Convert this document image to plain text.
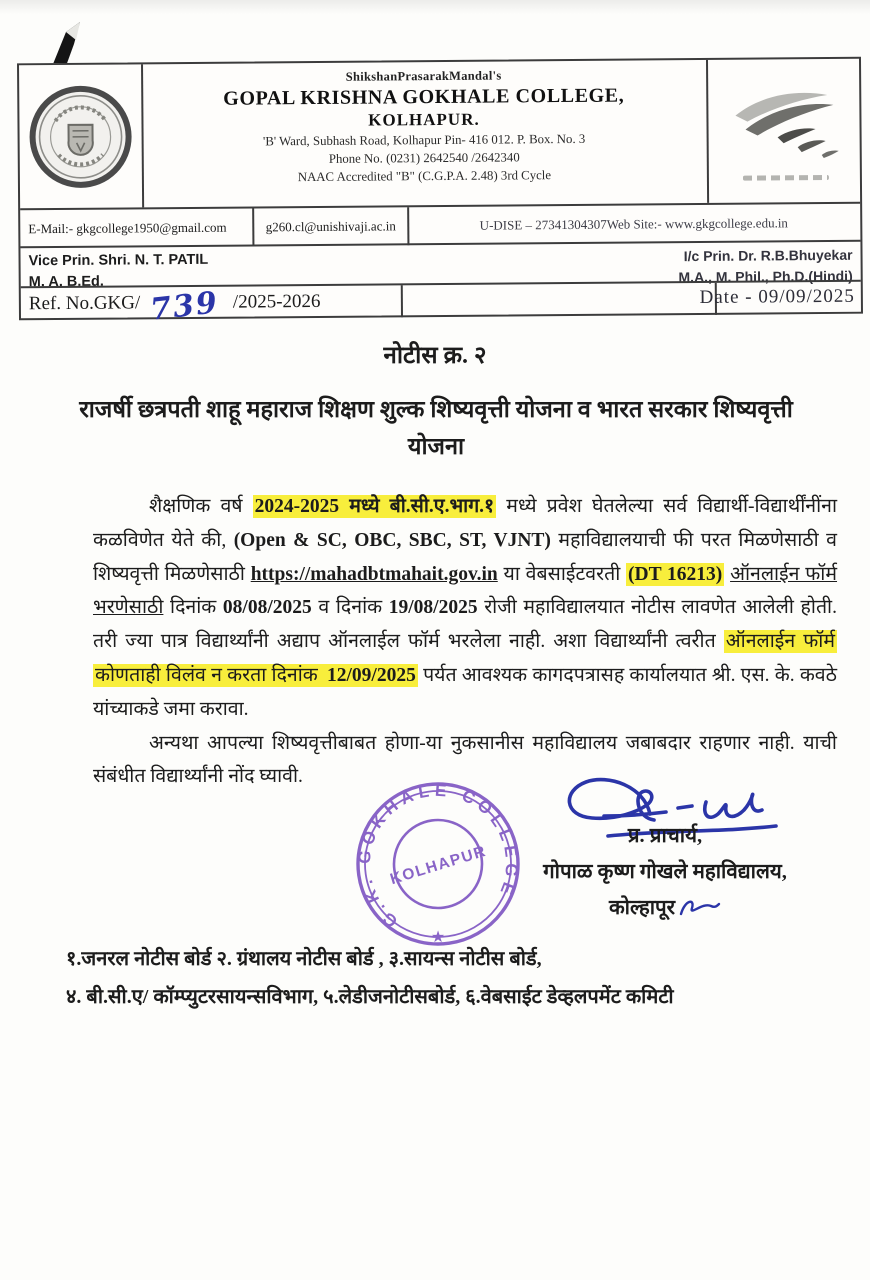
ShikshanPrasarakMandal's
GOPAL KRISHNA GOKHALE COLLEGE,
KOLHAPUR.
'B' Ward, Subhash Road, Kolhapur Pin- 416 012. P. Box. No. 3
Phone No. (0231) 2642540 /2642340
NAAC Accredited "B" (C.G.P.A. 2.48) 3rd Cycle
E-Mail:- gkgcollege1950@gmail.com	g260.cl@unishivaji.ac.in	U-DISE – 27341304307Web Site:- www.gkgcollege.edu.in
Vice Prin. Shri. N. T. PATIL
M. A. B.Ed.
I/c Prin. Dr. R.B.Bhuyekar
M.A., M. Phil., Ph.D.(Hindi)
Ref. No.GKG/ 739 /2025-2026	Date - 09/09/2025
नोटीस क्र. २
राजर्षी छत्रपती शाहू महाराज शिक्षण शुल्क शिष्यवृत्ती योजना व भारत सरकार शिष्यवृत्ती योजना

शैक्षणिक वर्ष 2024-2025 मध्ये बी.सी.ए.भाग.१ मध्ये प्रवेश घेतलेल्या सर्व विद्यार्थी-विद्यार्थींनींना कळविणेत येते की, (Open & SC, OBC, SBC, ST, VJNT) महाविद्यालयाची फी परत मिळणेसाठी व शिष्यवृत्ती मिळणेसाठी https://mahadbtmahait.gov.in या वेबसाईटवरती (DT 16213) ऑनलाईन फॉर्म भरणेसाठी दिनांक 08/08/2025 व दिनांक 19/08/2025 रोजी महाविद्यालयात नोटीस लावणेत आलेली होती. तरी ज्या पात्र विद्यार्थ्यांनी अद्याप ऑनलाईल फॉर्म भरलेला नाही. अशा विद्यार्थ्यांनी त्वरीत ऑनलाईन फॉर्म कोणताही विलंव न करता दिनांक 12/09/2025 पर्यत आवश्यक कागदपत्रासह कार्यालयात श्री. एस. के. कवठे यांच्याकडे जमा करावा.

अन्यथा आपल्या शिष्यवृत्तीबाबत होणा-या नुकसानीस महाविद्यालय जबाबदार राहणार नाही. याची संबंधीत विद्यार्थ्यांनी नोंद घ्यावी.

G.K. GOKHALE COLLEGE
★
KOLHAPUR
प्र. प्राचार्य,
गोपाळ कृष्ण गोखले महाविद्यालय,
कोल्हापूर
१.जनरल नोटीस बोर्ड २. ग्रंथालय नोटीस बोर्ड , ३.सायन्स नोटीस बोर्ड,
४. बी.सी.ए/ कॉम्प्युटरसायन्सविभाग, ५.लेडीजनोटीसबोर्ड, ६.वेबसाईट डेव्हलपमेंट कमिटी
